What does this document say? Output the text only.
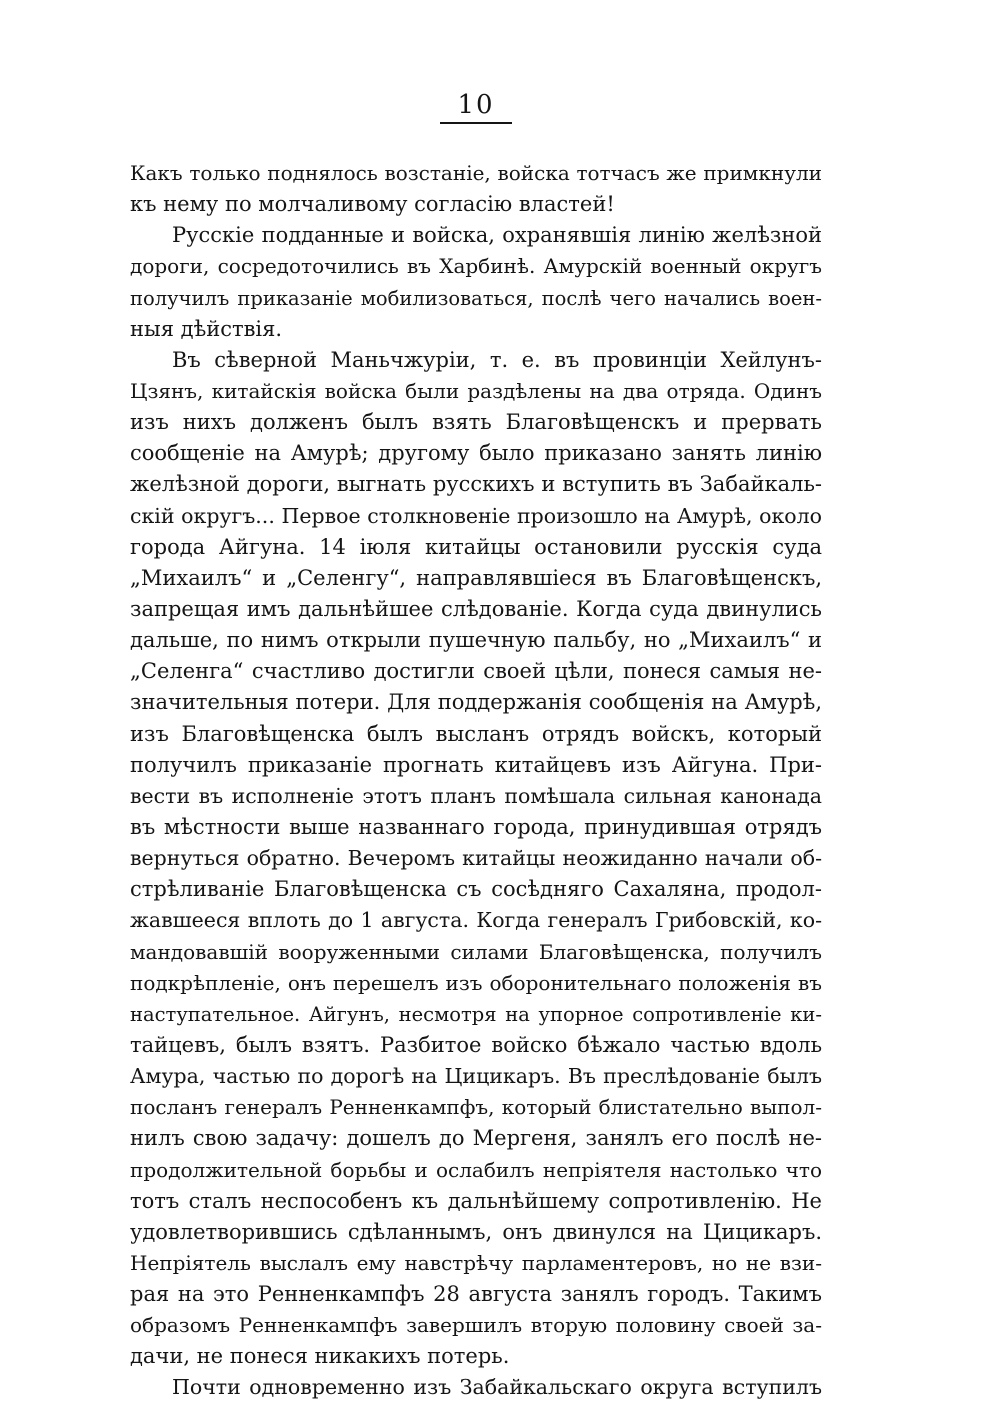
10
Какъ только поднялось возстаніе, войска тотчасъ же примкнули
къ нему по молчаливому согласію властей!
Русскіе подданные и войска, охранявшія линію желѣзной
дороги, сосредоточились въ Харбинѣ. Амурскій военный округъ
получилъ приказаніе мобилизоваться, послѣ чего начались воен-
ныя дѣйствія.
Въ сѣверной Маньчжуріи, т. е. въ провинціи Хейлунъ-
Цзянъ, китайскія войска были раздѣлены на два отряда. Одинъ
изъ нихъ долженъ былъ взять Благовѣщенскъ и прервать
сообщеніе на Амурѣ; другому было приказано занять линію
желѣзной дороги, выгнать русскихъ и вступить въ Забайкаль-
скій округъ... Первое столкновеніе произошло на Амурѣ, около
города Айгуна. 14 іюля китайцы остановили русскія суда
„Михаилъ“ и „Селенгу“, направлявшіеся въ Благовѣщенскъ,
запрещая имъ дальнѣйшее слѣдованіе. Когда суда двинулись
дальше, по нимъ открыли пушечную пальбу, но „Михаилъ“ и
„Селенга“ счастливо достигли своей цѣли, понеся самыя не-
значительныя потери. Для поддержанія сообщенія на Амурѣ,
изъ Благовѣщенска былъ высланъ отрядъ войскъ, который
получилъ приказаніе прогнать китайцевъ изъ Айгуна. При-
вести въ исполненіе этотъ планъ помѣшала сильная канонада
въ мѣстности выше названнаго города, принудившая отрядъ
вернуться обратно. Вечеромъ китайцы неожиданно начали об-
стрѣливаніе Благовѣщенска съ сосѣдняго Сахаляна, продол-
жавшееся вплоть до 1 августа. Когда генералъ Грибовскій, ко-
мандовавшій вооруженными силами Благовѣщенска, получилъ
подкрѣпленіе, онъ перешелъ изъ оборонительнаго положенія въ
наступательное. Айгунъ, несмотря на упорное сопротивленіе ки-
тайцевъ, былъ взятъ. Разбитое войско бѣжало частью вдоль
Амура, частью по дорогѣ на Цицикаръ. Въ преслѣдованіе былъ
посланъ генералъ Ренненкампфъ, который блистательно выпол-
нилъ свою задачу: дошелъ до Мергеня, занялъ его послѣ не-
продолжительной борьбы и ослабилъ непріятеля настолько что
тотъ сталъ неспособенъ къ дальнѣйшему сопротивленію. Не
удовлетворившись сдѣланнымъ, онъ двинулся на Цицикаръ.
Непріятель выслалъ ему навстрѣчу парламентеровъ, но не взи-
рая на это Ренненкампфъ 28 августа занялъ городъ. Такимъ
образомъ Ренненкампфъ завершилъ вторую половину своей за-
дачи, не понеся никакихъ потерь.
Почти одновременно изъ Забайкальскаго округа вступилъ
